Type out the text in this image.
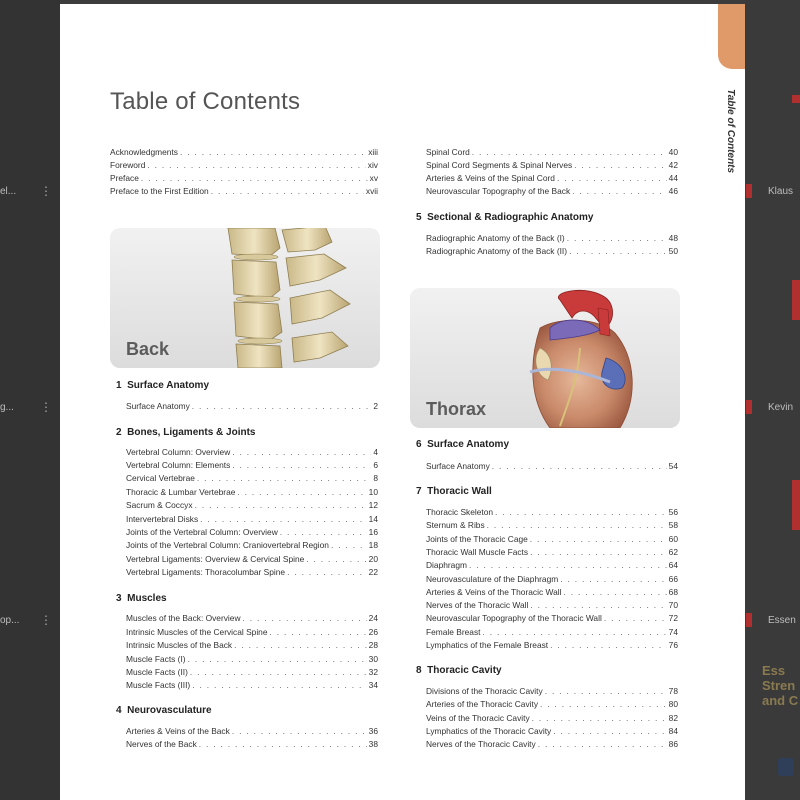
el...
g...
op...
⋮
⋮
⋮
Klaus
Kevin
Essen
Ess
Stren
and C
Table of Contents
Table of Contents
Acknowledgments . . .	xiii
Foreword . . .	xiv
Preface . . .	xv
Preface to the First Edition . . .	xvii
Back
1 Surface Anatomy
Surface Anatomy . . .	2
2 Bones, Ligaments & Joints
Vertebral Column: Overview . . .	4
Vertebral Column: Elements . . .	6
Cervical Vertebrae . . .	8
Thoracic & Lumbar Vertebrae . . .	10
Sacrum & Coccyx . . .	12
Intervertebral Disks . . .	14
Joints of the Vertebral Column: Overview . . .	16
Joints of the Vertebral Column: Craniovertebral Region . . .	18
Vertebral Ligaments: Overview & Cervical Spine . . .	20
Vertebral Ligaments: Thoracolumbar Spine . . .	22
3 Muscles
Muscles of the Back: Overview . . .	24
Intrinsic Muscles of the Cervical Spine . . .	26
Intrinsic Muscles of the Back . . .	28
Muscle Facts (I) . . .	30
Muscle Facts (II) . . .	32
Muscle Facts (III) . . .	34
4 Neurovasculature
Arteries & Veins of the Back . . .	36
Nerves of the Back . . .	38
Spinal Cord . . .	40
Spinal Cord Segments & Spinal Nerves . . .	42
Arteries & Veins of the Spinal Cord . . .	44
Neurovascular Topography of the Back . . .	46
5 Sectional & Radiographic Anatomy
Radiographic Anatomy of the Back (I) . . .	48
Radiographic Anatomy of the Back (II) . . .	50
Thorax
6 Surface Anatomy
Surface Anatomy . . .	54
7 Thoracic Wall
Thoracic Skeleton . . .	56
Sternum & Ribs . . .	58
Joints of the Thoracic Cage . . .	60
Thoracic Wall Muscle Facts . . .	62
Diaphragm . . .	64
Neurovasculature of the Diaphragm . . .	66
Arteries & Veins of the Thoracic Wall . . .	68
Nerves of the Thoracic Wall . . .	70
Neurovascular Topography of the Thoracic Wall . . .	72
Female Breast . . .	74
Lymphatics of the Female Breast . . .	76
8 Thoracic Cavity
Divisions of the Thoracic Cavity . . .	78
Arteries of the Thoracic Cavity . . .	80
Veins of the Thoracic Cavity . . .	82
Lymphatics of the Thoracic Cavity . . .	84
Nerves of the Thoracic Cavity . . .	86
